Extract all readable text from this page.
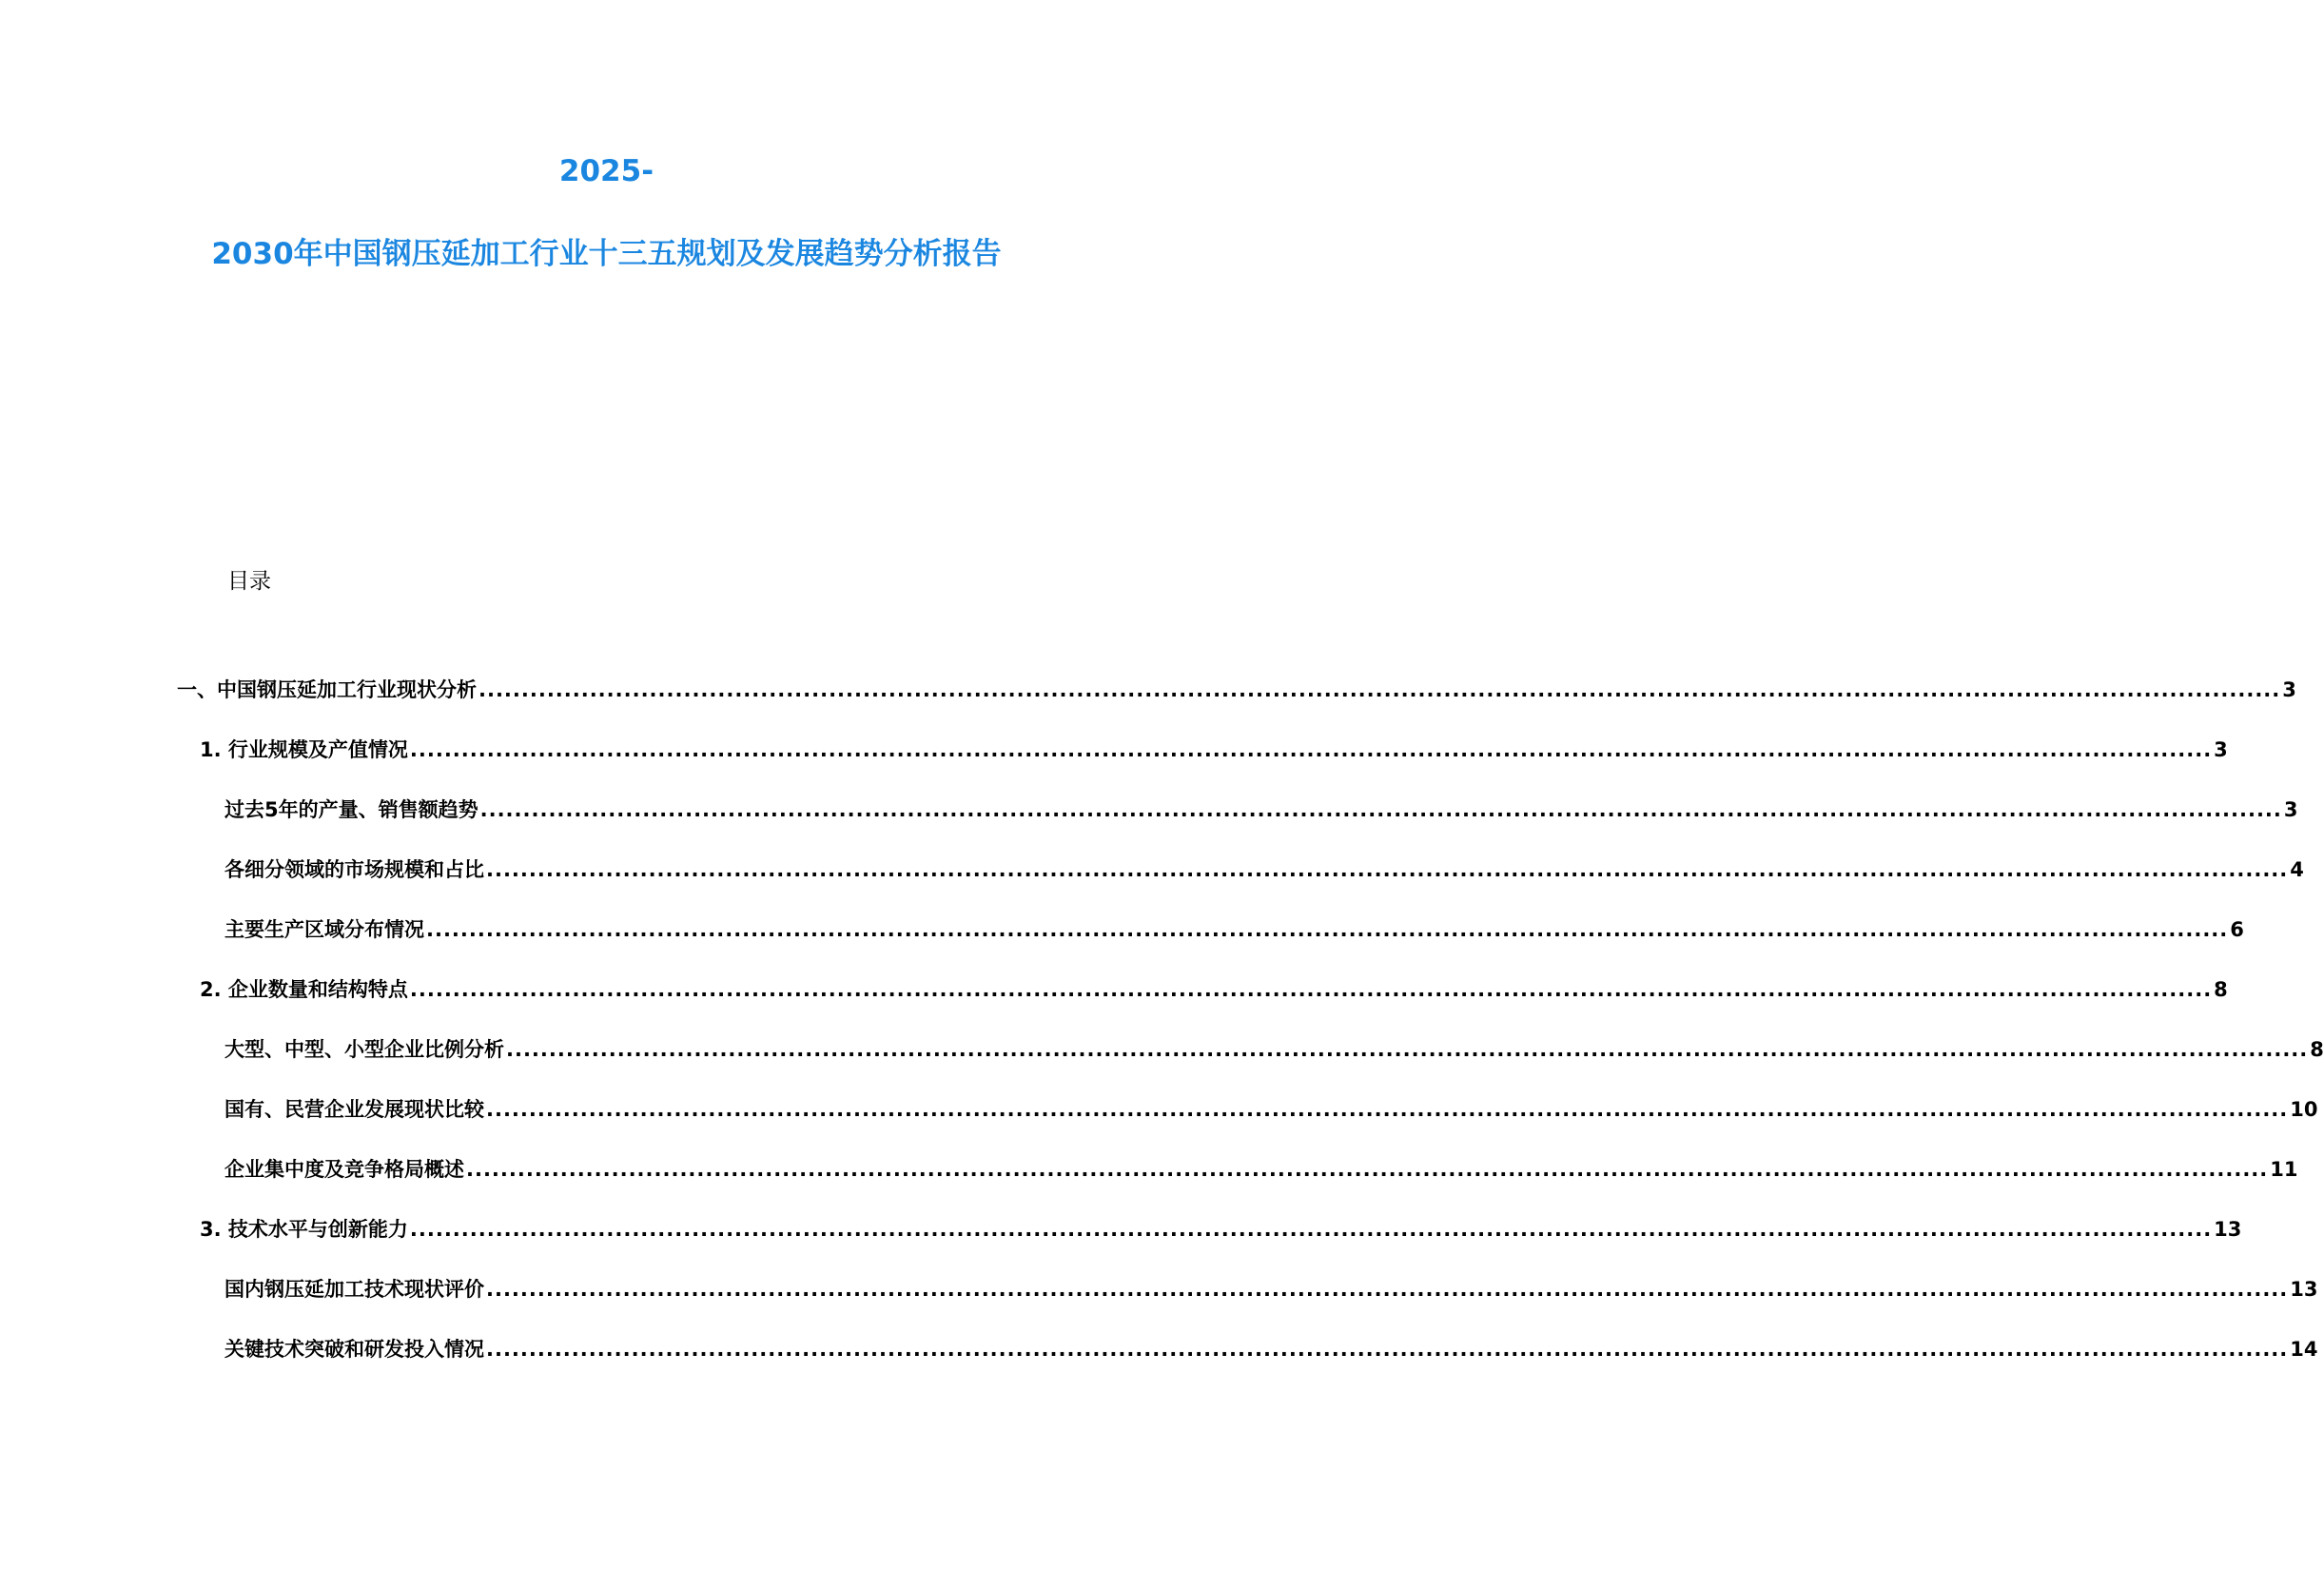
2025-
2030年中国钢压延加工行业十三五规划及发展趋势分析报告
目录
一、中国钢压延加工行业现状分析 ................................................................................................................................................................................................................... 3
1. 行业规模及产值情况 ................................................................................................................................................................................................................... 3
过去5年的产量、销售额趋势 ................................................................................................................................................................................................................... 3
各细分领域的市场规模和占比 ................................................................................................................................................................................................................... 4
主要生产区域分布情况 ................................................................................................................................................................................................................... 6
2. 企业数量和结构特点 ................................................................................................................................................................................................................... 8
大型、中型、小型企业比例分析 ................................................................................................................................................................................................................... 8
国有、民营企业发展现状比较 ................................................................................................................................................................................................................... 10
企业集中度及竞争格局概述 ................................................................................................................................................................................................................... 11
3. 技术水平与创新能力 ................................................................................................................................................................................................................... 13
国内钢压延加工技术现状评价 ................................................................................................................................................................................................................... 13
关键技术突破和研发投入情况 ................................................................................................................................................................................................................... 14
